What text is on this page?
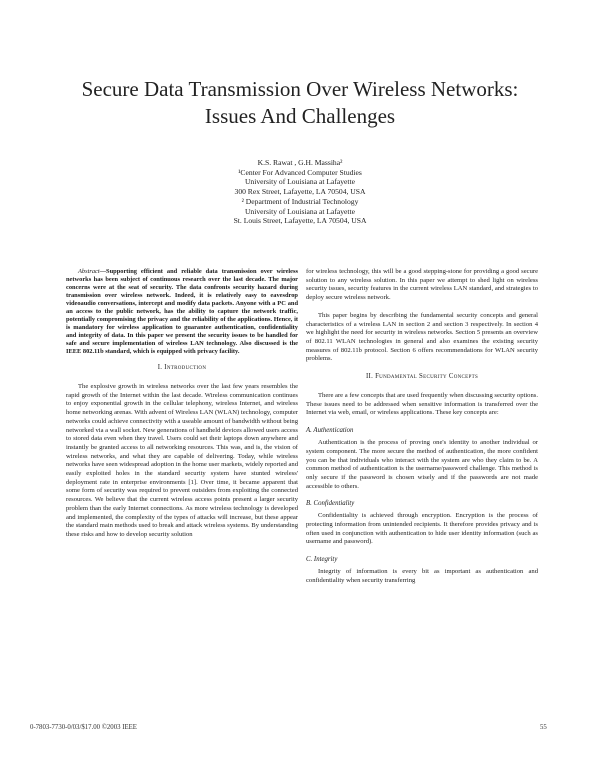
Secure Data Transmission Over Wireless Networks:
Issues And Challenges
K.S. Rawat , G.H. Massiha²
¹Center For Advanced Computer Studies
University of Louisiana at Lafayette
300 Rex Street, Lafayette, LA 70504, USA
² Department of Industrial Technology
University of Louisiana at Lafayette
St. Louis Street, Lafayette, LA 70504, USA

Abstract—Supporting efficient and reliable data transmission over wireless networks has been subject of continuous research over the last decade. The major concerns were at the seat of security. The data confronts security hazard during transmission over wireless network. Indeed, it is relatively easy to eavesdrop videoaudio conversations, intercept and modify data packets. Anyone with a PC and an access to the public network, has the ability to capture the network traffic, potentially compromising the privacy and the reliability of the applications. Hence, it is mandatory for wireless application to guarantee authentication, confidentiality and integrity of data. In this paper we present the security issues to be handled for safe and secure implementation of wireless LAN technology. Also discussed is the IEEE 802.11b standard, which is equipped with privacy facility.

I. Introduction

The explosive growth in wireless networks over the last few years resembles the rapid growth of the Internet within the last decade. Wireless communication continues to enjoy exponential growth in the cellular telephony, wireless Internet, and wireless home networking arenas. With advent of Wireless LAN (WLAN) technology, computer networks could achieve connectivity with a useable amount of bandwidth without being networked via a wall socket. New generations of handheld devices allowed users access to stored data even when they travel. Users could set their laptops down anywhere and instantly be granted access to all networking resources. This was, and is, the vision of wireless networks, and what they are capable of delivering. Today, while wireless networks have seen widespread adoption in the home user markets, widely reported and easily exploited holes in the standard security system have stunted wireless' deployment rate in enterprise environments [1]. Over time, it became apparent that some form of security was required to prevent outsiders from exploiting the connected resources. We believe that the current wireless access points present a larger security problem than the early Internet connections. As more wireless technology is developed and implemented, the complexity of the types of attacks will increase, but these appear the standard main methods used to break and attack wireless systems. By understanding these risks and how to develop security solution

for wireless technology, this will be a good stepping-stone for providing a good secure solution to any wireless solution. In this paper we attempt to shed light on wireless security issues, security features in the current wireless LAN standard, and strategies to deploy secure wireless network.

This paper begins by describing the fundamental security concepts and general characteristics of a wireless LAN in section 2 and section 3 respectively. In section 4 we highlight the need for security in wireless networks. Section 5 presents an overview of 802.11 WLAN technologies in general and also examines the existing security measures of 802.11b protocol. Section 6 offers recommendations for WLAN security problems.

II. Fundamental Security Concepts

There are a few concepts that are used frequently when discussing security options. These issues need to be addressed when sensitive information is transferred over the Internet via web, email, or wireless applications. These key concepts are:

A. Authentication

Authentication is the process of proving one's identity to another individual or system component. The more secure the method of authentication, the more confident you can be that individuals who interact with the system are who they claim to be. A common method of authentication is the username/password challenge. This method is only secure if the password is chosen wisely and if the passwords are not made accessible to others.

B. Confidentiality

Confidentiality is achieved through encryption. Encryption is the process of protecting information from unintended recipients. It therefore provides privacy and is often used in conjunction with authentication to hide user identity information (such as username and password).

C. Integrity

Integrity of information is every bit as important as authentication and confidentiality when security transferring

0-7803-7730-0/03/$17.00 ©2003 IEEE	55
